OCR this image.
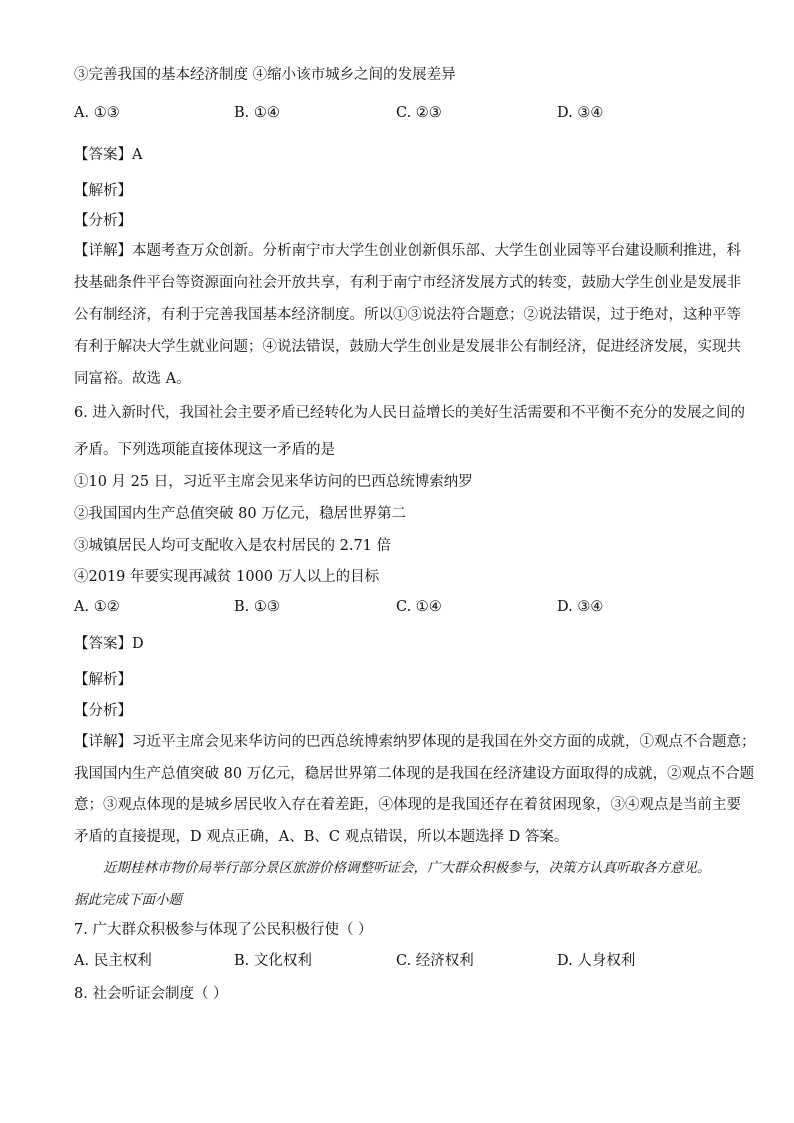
③完善我国的基本经济制度 ④缩小该市城乡之间的发展差异
A. ①③	B. ①④	C. ②③	D. ③④
【答案】A
【解析】
【分析】
【详解】本题考查万众创新。分析南宁市大学生创业创新俱乐部、大学生创业园等平台建设顺利推进，科
技基础条件平台等资源面向社会开放共享，有利于南宁市经济发展方式的转变，鼓励大学生创业是发展非
公有制经济，有利于完善我国基本经济制度。所以①③说法符合题意；②说法错误，过于绝对，这种平等
有利于解决大学生就业问题；④说法错误，鼓励大学生创业是发展非公有制经济，促进经济发展，实现共
同富裕。故选 A。
6. 进入新时代，我国社会主要矛盾已经转化为人民日益增长的美好生活需要和不平衡不充分的发展之间的
矛盾。下列选项能直接体现这一矛盾的是
①10 月 25 日，习近平主席会见来华访问的巴西总统博索纳罗
②我国国内生产总值突破 80 万亿元，稳居世界第二
③城镇居民人均可支配收入是农村居民的 2.71 倍
④2019 年要实现再减贫 1000 万人以上的目标
A. ①②	B. ①③	C. ①④	D. ③④
【答案】D
【解析】
【分析】
【详解】习近平主席会见来华访问的巴西总统博索纳罗体现的是我国在外交方面的成就，①观点不合题意；
我国国内生产总值突破 80 万亿元，稳居世界第二体现的是我国在经济建设方面取得的成就，②观点不合题
意；③观点体现的是城乡居民收入存在着差距，④体现的是我国还存在着贫困现象，③④观点是当前主要
矛盾的直接提现，D 观点正确，A、B、C 观点错误，所以本题选择 D 答案。
近期桂林市物价局举行部分景区旅游价格调整听证会，广大群众积极参与，决策方认真听取各方意见。
据此完成下面小题
7. 广大群众积极参与体现了公民积极行使（ ）
A. 民主权利	B. 文化权利	C. 经济权利	D. 人身权利
8. 社会听证会制度（ ）
